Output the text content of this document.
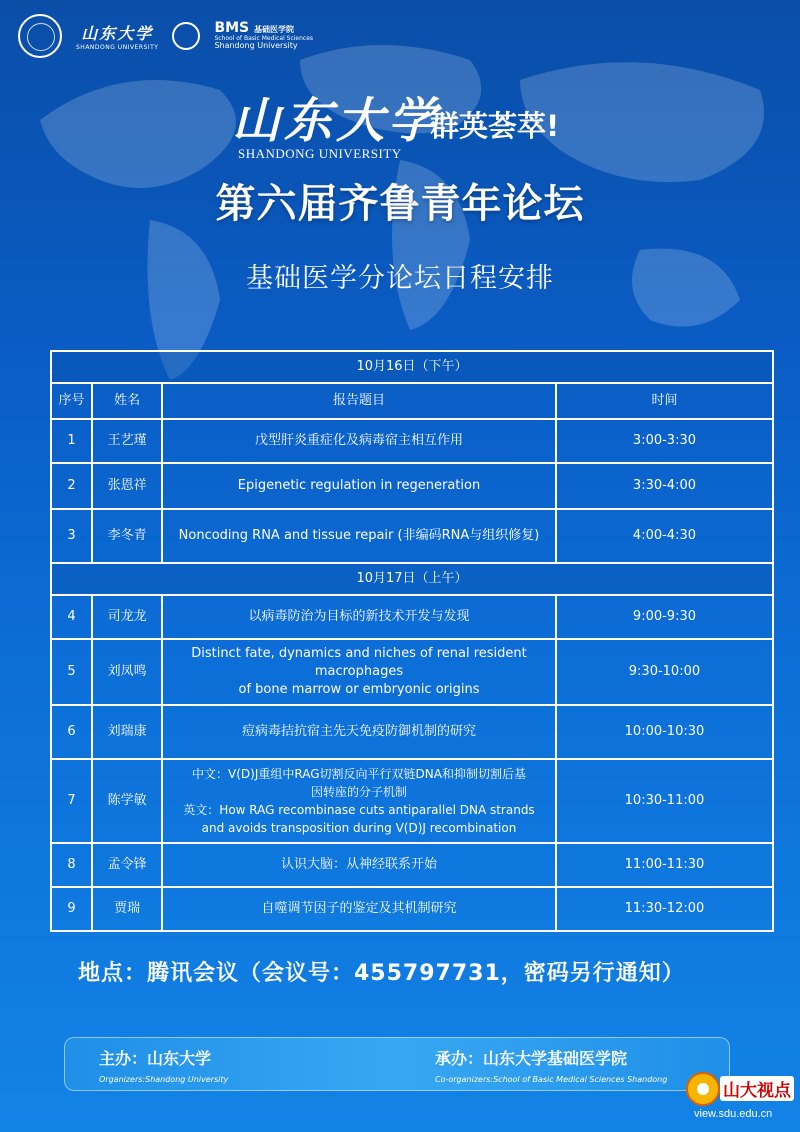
山东大学
SHANDONG UNIVERSITY
BMS 基础医学院
School of Basic Medical Sciences
Shandong University
山东大学
群英荟萃!
SHANDONG UNIVERSITY
第六届齐鲁青年论坛
基础医学分论坛日程安排
10月16日（下午）			
序号	姓名	报告题目	时间
1	王艺瑾	戊型肝炎重症化及病毒宿主相互作用	3:00-3:30
2	张恩祥	Epigenetic regulation in regeneration	3:30-4:00
3	李冬青	Noncoding RNA and tissue repair (非编码RNA与组织修复)	4:00-4:30
10月17日（上午）			
4	司龙龙	以病毒防治为目标的新技术开发与发现	9:00-9:30
5	刘凤鸣	Distinct fate, dynamics and niches of renal resident
macrophages
of bone marrow or embryonic origins	9:30-10:00
6	刘瑞康	痘病毒拮抗宿主先天免疫防御机制的研究	10:00-10:30
7	陈学敏	中文：V(D)J重组中RAG切割反向平行双链DNA和抑制切割后基
因转座的分子机制
英文：How RAG recombinase cuts antiparallel DNA strands
and avoids transposition during V(D)J recombination	10:30-11:00
8	孟令锋	认识大脑：从神经联系开始	11:00-11:30
9	贾瑞	自噬调节因子的鉴定及其机制研究	11:30-12:00
地点：腾讯会议（会议号：455797731，密码另行通知）
主办：山东大学
Organizers:Shandong University
承办：山东大学基础医学院
Co-organizers:School of Basic Medical Sciences Shandong
山大视点
view.sdu.edu.cn
